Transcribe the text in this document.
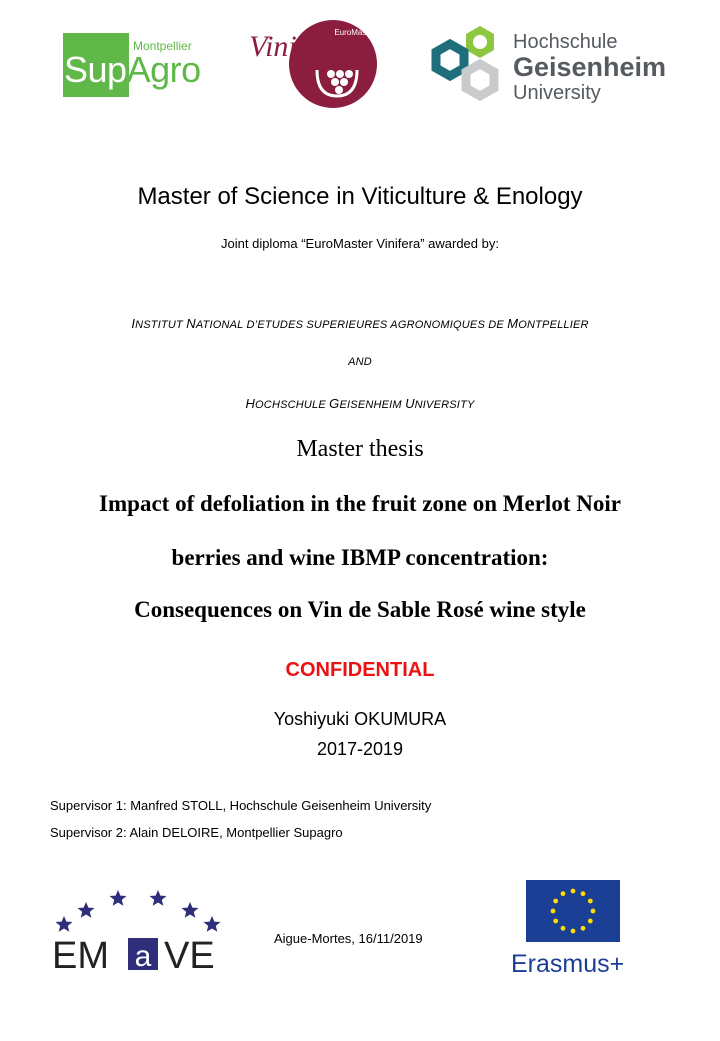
Montpellier
SupAgro
EuroMaster
Vinifera	Hochschule
Geisenheim
University
Master of Science in Viticulture & Enology
Joint diploma “EuroMaster Vinifera” awarded by:
INSTITUT NATIONAL D’ETUDES SUPERIEURES AGRONOMIQUES DE MONTPELLIER
AND
HOCHSCHULE GEISENHEIM UNIVERSITY
Master thesis
Impact of defoliation in the fruit zone on Merlot Noir
berries and wine IBMP concentration:
Consequences on Vin de Sable Rosé wine style
CONFIDENTIAL
Yoshiyuki OKUMURA
2017-2019
Supervisor 1: Manfred STOLL, Hochschule Geisenheim University
Supervisor 2: Alain DELOIRE, Montpellier Supagro
EM a VE	Aigue-Mortes, 16/11/2019
Erasmus+
